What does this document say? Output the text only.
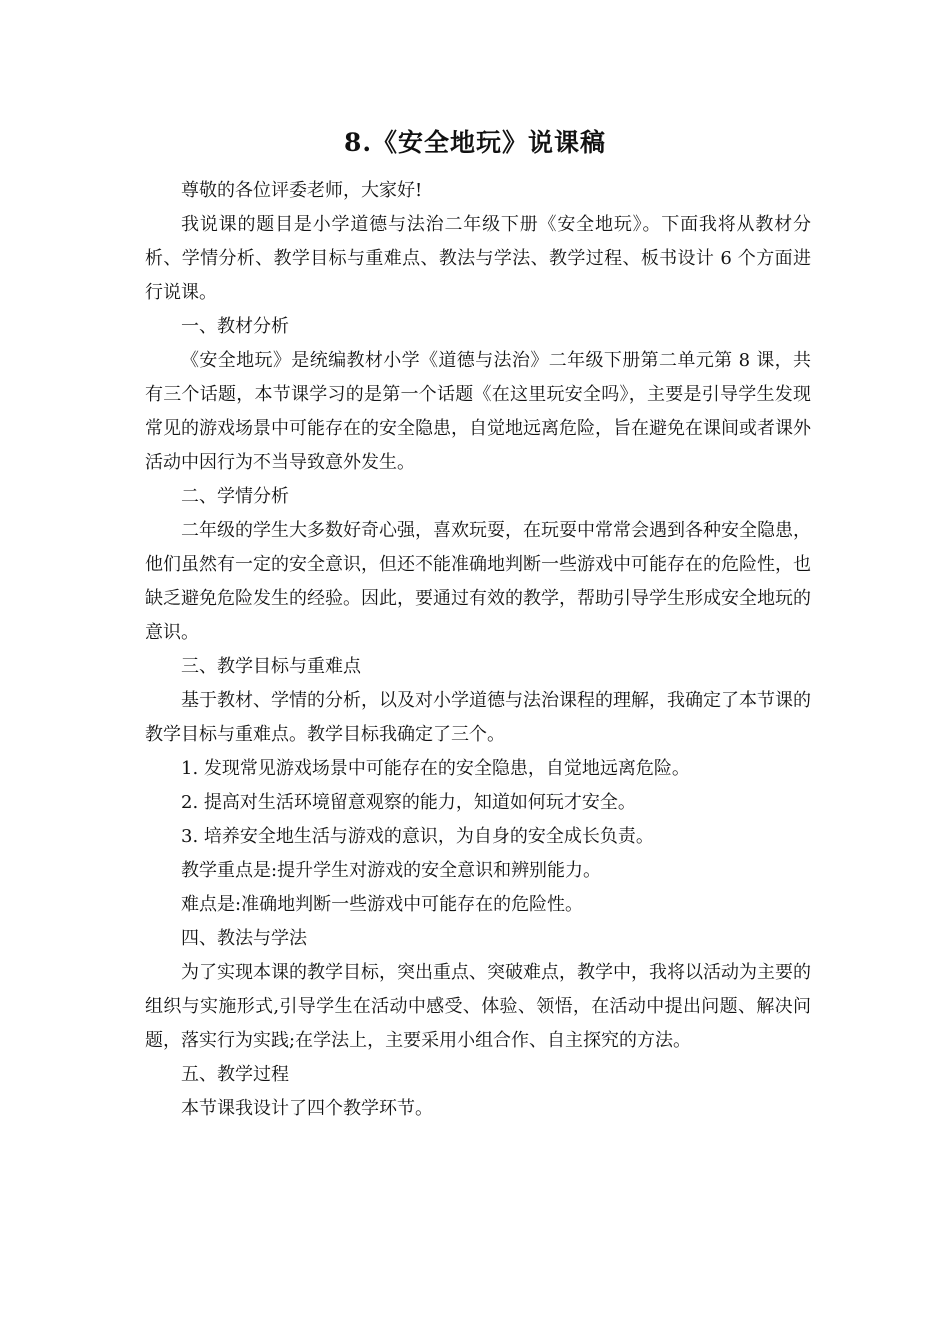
8.《安全地玩》说课稿

尊敬的各位评委老师，大家好!

我说课的题目是小学道德与法治二年级下册《安全地玩》。下面我将从教材分析、学情分析、教学目标与重难点、教法与学法、教学过程、板书设计 6 个方面进行说课。

一、教材分析

《安全地玩》是统编教材小学《道德与法治》二年级下册第二单元第 8 课，共有三个话题，本节课学习的是第一个话题《在这里玩安全吗》，主要是引导学生发现常见的游戏场景中可能存在的安全隐患，自觉地远离危险，旨在避免在课间或者课外活动中因行为不当导致意外发生。

二、学情分析

二年级的学生大多数好奇心强，喜欢玩耍，在玩耍中常常会遇到各种安全隐患，他们虽然有一定的安全意识，但还不能准确地判断一些游戏中可能存在的危险性，也缺乏避免危险发生的经验。因此，要通过有效的教学，帮助引导学生形成安全地玩的意识。

三、教学目标与重难点

基于教材、学情的分析，以及对小学道德与法治课程的理解，我确定了本节课的教学目标与重难点。教学目标我确定了三个。

1. 发现常见游戏场景中可能存在的安全隐患，自觉地远离危险。

2. 提高对生活环境留意观察的能力，知道如何玩才安全。

3. 培养安全地生活与游戏的意识，为自身的安全成长负责。

教学重点是:提升学生对游戏的安全意识和辨别能力。

难点是:准确地判断一些游戏中可能存在的危险性。

四、教法与学法

为了实现本课的教学目标，突出重点、突破难点，教学中，我将以活动为主要的组织与实施形式,引导学生在活动中感受、体验、领悟，在活动中提出问题、解决问题，落实行为实践;在学法上，主要采用小组合作、自主探究的方法。

五、教学过程

本节课我设计了四个教学环节。
